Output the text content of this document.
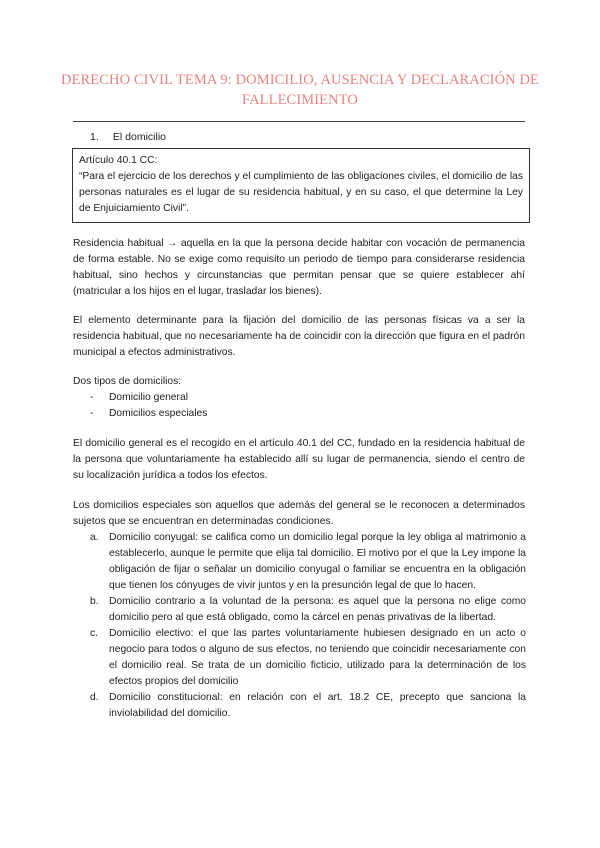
DERECHO CIVIL TEMA 9: DOMICILIO, AUSENCIA Y DECLARACIÓN DE FALLECIMIENTO
1. El domicilio
Artículo 40.1 CC:
“Para el ejercicio de los derechos y el cumplimiento de las obligaciones civiles, el domicilio de las personas naturales es el lugar de su residencia habitual, y en su caso, el que determine la Ley de Enjuiciamiento Civil”.
Residencia habitual → aquella en la que la persona decide habitar con vocación de permanencia de forma estable. No se exige como requisito un periodo de tiempo para considerarse residencia habitual, sino hechos y circunstancias que permitan pensar que se quiere establecer ahí (matricular a los hijos en el lugar, trasladar los bienes).
El elemento determinante para la fijación del domicilio de las personas físicas va a ser la residencia habitual, que no necesariamente ha de coincidir con la dirección que figura en el padrón municipal a efectos administrativos.
Dos tipos de domicilios:
-	Domicilio general
-	Domicilios especiales
El domicilio general es el recogido en el artículo 40.1 del CC, fundado en la residencia habitual de la persona que voluntariamente ha establecido allí su lugar de permanencia, siendo el centro de su localización jurídica a todos los efectos.
Los domicilios especiales son aquellos que además del general se le reconocen a determinados sujetos que se encuentran en determinadas condiciones.
a.	Domicilio conyugal: se califica como un domicilio legal porque la ley obliga al matrimonio a establecerlo, aunque le permite que elija tal domicilio. El motivo por el que la Ley impone la obligación de fijar o señalar un domicilio conyugal o familiar se encuentra en la obligación que tienen los cónyuges de vivir juntos y en la presunción legal de que lo hacen.
b.	Domicilio contrario a la voluntad de la persona: es aquel que la persona no elige como domicilio pero al que está obligado, como la cárcel en penas privativas de la libertad.
c.	Domicilio electivo: el que las partes voluntariamente hubiesen designado en un acto o negocio para todos o alguno de sus efectos, no teniendo que coincidir necesariamente con el domicilio real. Se trata de un domicilio ficticio, utilizado para la determinación de los efectos propios del domicilio
d.	Domicilio constitucional: en relación con el art. 18.2 CE, precepto que sanciona la inviolabilidad del domicilio.
